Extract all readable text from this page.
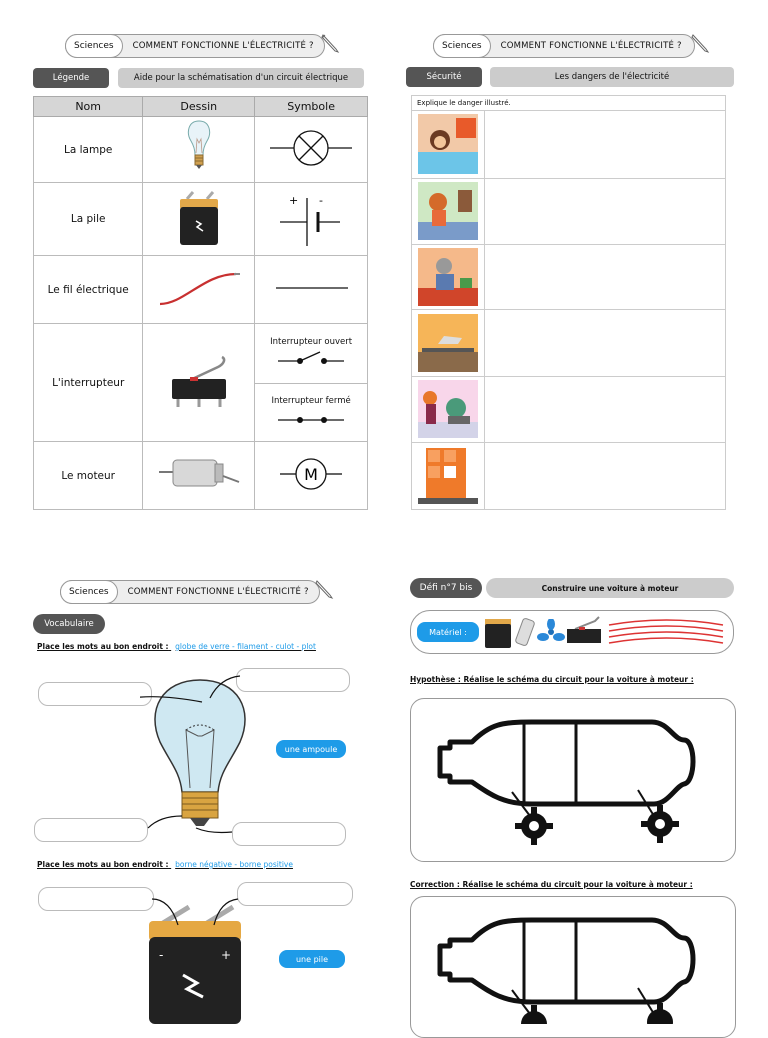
Sciences	COMMENT FONCTIONNE L'ÉLECTRICITÉ ?
Légende	Aide pour la schématisation d'un circuit électrique
Nom	Dessin	Symbole
La lampe		
La pile		+ -

Le fil électrique		
L'interrupteur		Interrupteur ouvert

		Interrupteur fermé

Le moteur		M
Sciences	COMMENT FONCTIONNE L'ÉLECTRICITÉ ?
Sécurité	Les dangers de l'électricité
Explique le danger illustré.
Sciences	COMMENT FONCTIONNE L'ÉLECTRICITÉ ?
Vocabulaire
Place les mots au bon endroit : globe de verre - filament - culot - plot
une ampoule
Place les mots au bon endroit : borne négative - borne positive
-	+	une pile
Défi n°7 bis	Construire une voiture à moteur
Matériel :
Hypothèse : Réalise le schéma du circuit pour la voiture à moteur :
Correction : Réalise le schéma du circuit pour la voiture à moteur :
